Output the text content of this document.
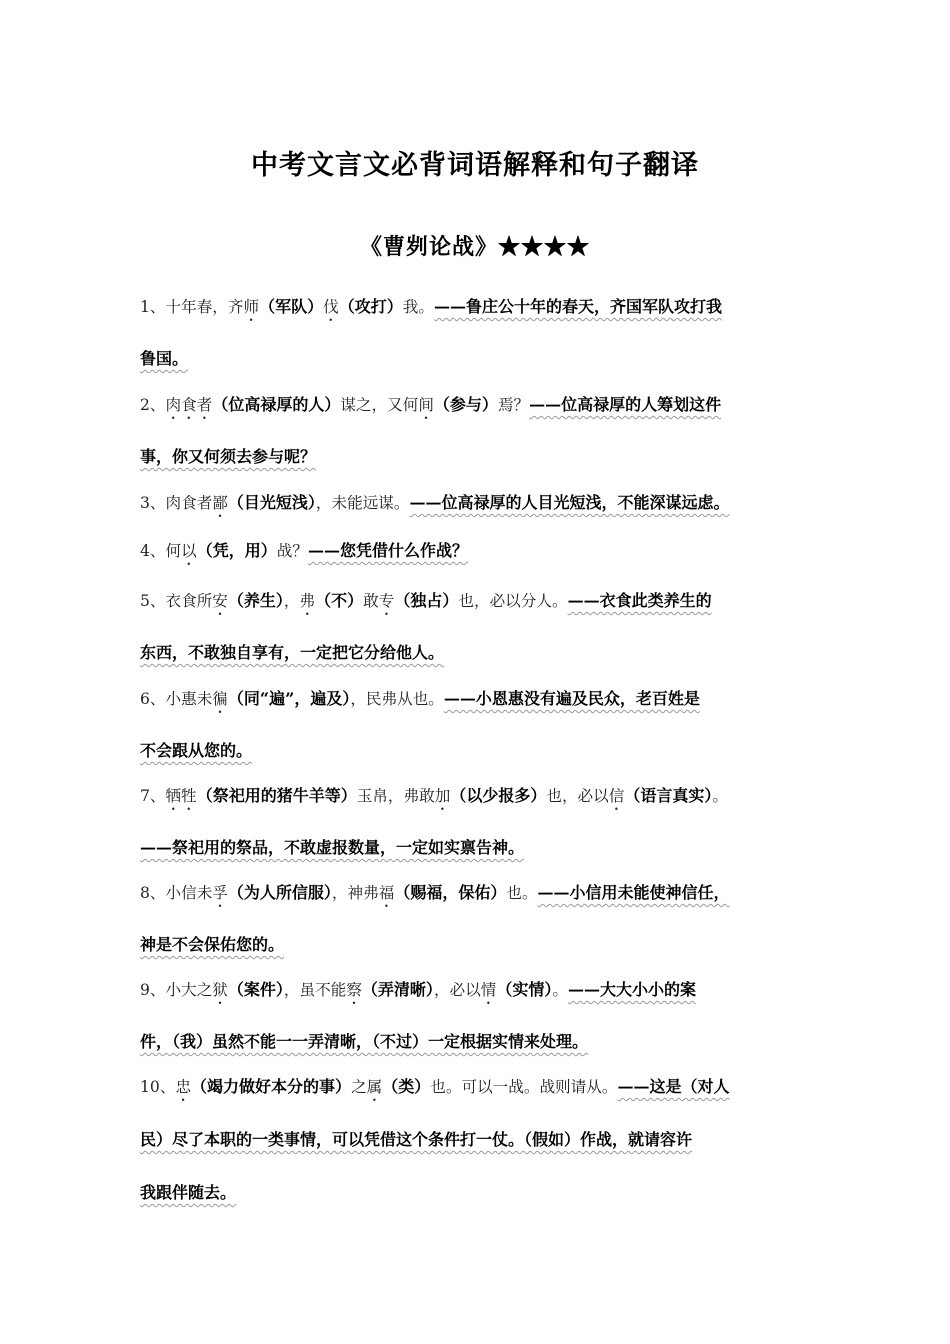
中考文言文必背词语解释和句子翻译
《曹刿论战》★★★★
1、十年春，齐师（军队）伐（攻打）我。——鲁庄公十年的春天，齐国军队攻打我
鲁国。
2、肉食者（位高禄厚的人）谋之，又何间（参与）焉？——位高禄厚的人筹划这件
事，你又何须去参与呢？
3、肉食者鄙（目光短浅），未能远谋。——位高禄厚的人目光短浅，不能深谋远虑。
4、何以（凭，用）战？——您凭借什么作战？
5、衣食所安（养生），弗（不）敢专（独占）也，必以分人。——衣食此类养生的
东西，不敢独自享有，一定把它分给他人。
6、小惠未徧（同“遍”，遍及），民弗从也。——小恩惠没有遍及民众，老百姓是
不会跟从您的。
7、牺牲（祭祀用的猪牛羊等）玉帛，弗敢加（以少报多）也，必以信（语言真实）。
——祭祀用的祭品，不敢虚报数量，一定如实禀告神。
8、小信未孚（为人所信服），神弗福（赐福，保佑）也。——小信用未能使神信任，
神是不会保佑您的。
9、小大之狱（案件），虽不能察（弄清晰），必以情（实情）。——大大小小的案
件，（我）虽然不能一一弄清晰，（不过）一定根据实情来处理。
10、忠（竭力做好本分的事）之属（类）也。可以一战。战则请从。——这是（对人
民）尽了本职的一类事情，可以凭借这个条件打一仗。（假如）作战，就请容许
我跟伴随去。
